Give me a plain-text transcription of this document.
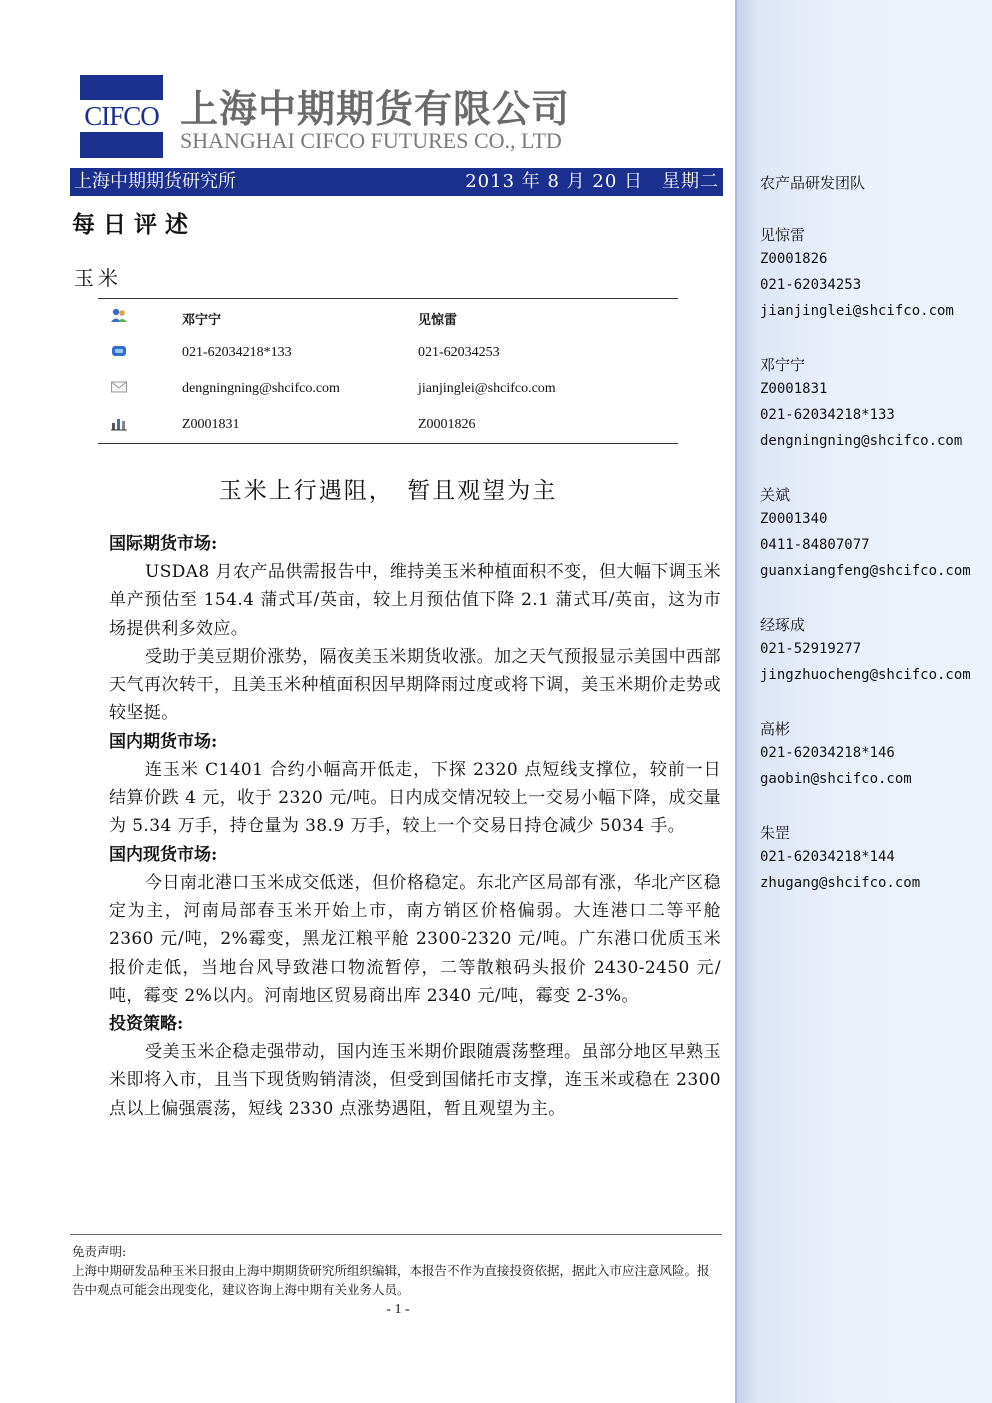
CIFCO 上海中期期货有限公司
SHANGHAI CIFCO FUTURES CO., LTD
上海中期期货研究所	2013 年 8 月 20 日　星期二
每日评述
玉米
邓宁宁	见惊雷
021-62034218*133	021-62034253
dengningning@shcifco.com	jianjinglei@shcifco.com
Z0001831	Z0001826
玉米上行遇阻，　暂且观望为主
国际期货市场:

USDA8 月农产品供需报告中，维持美玉米种植面积不变，但大幅下调玉米单产预估至 154.4 蒲式耳/英亩，较上月预估值下降 2.1 蒲式耳/英亩，这为市场提供利多效应。

受助于美豆期价涨势，隔夜美玉米期货收涨。加之天气预报显示美国中西部天气再次转干，且美玉米种植面积因早期降雨过度或将下调，美玉米期价走势或较坚挺。

国内期货市场:

连玉米 C1401 合约小幅高开低走，下探 2320 点短线支撑位，较前一日结算价跌 4 元，收于 2320 元/吨。日内成交情况较上一交易小幅下降，成交量为 5.34 万手，持仓量为 38.9 万手，较上一个交易日持仓减少 5034 手。

国内现货市场:

今日南北港口玉米成交低迷，但价格稳定。东北产区局部有涨，华北产区稳定为主，河南局部春玉米开始上市，南方销区价格偏弱。大连港口二等平舱 2360 元/吨，2%霉变，黑龙江粮平舱 2300-2320 元/吨。广东港口优质玉米报价走低，当地台风导致港口物流暂停，二等散粮码头报价 2430-2450 元/吨，霉变 2%以内。河南地区贸易商出库 2340 元/吨，霉变 2-3%。

投资策略:

受美玉米企稳走强带动，国内连玉米期价跟随震荡整理。虽部分地区早熟玉米即将入市，且当下现货购销清淡，但受到国储托市支撑，连玉米或稳在 2300 点以上偏强震荡，短线 2330 点涨势遇阻，暂且观望为主。

免责声明:
上海中期研发品种玉米日报由上海中期期货研究所组织编辑，本报告不作为直接投资依据，据此入市应注意风险。报告中观点可能会出现变化，建议咨询上海中期有关业务人员。
- 1 -
农产品研发团队
见惊雷
Z0001826
021-62034253
jianjinglei@shcifco.com
邓宁宁
Z0001831
021-62034218*133
dengningning@shcifco.com
关斌
Z0001340
0411-84807077
guanxiangfeng@shcifco.com
经琢成
021-52919277
jingzhuocheng@shcifco.com
高彬
021-62034218*146
gaobin@shcifco.com
朱罡
021-62034218*144
zhugang@shcifco.com
